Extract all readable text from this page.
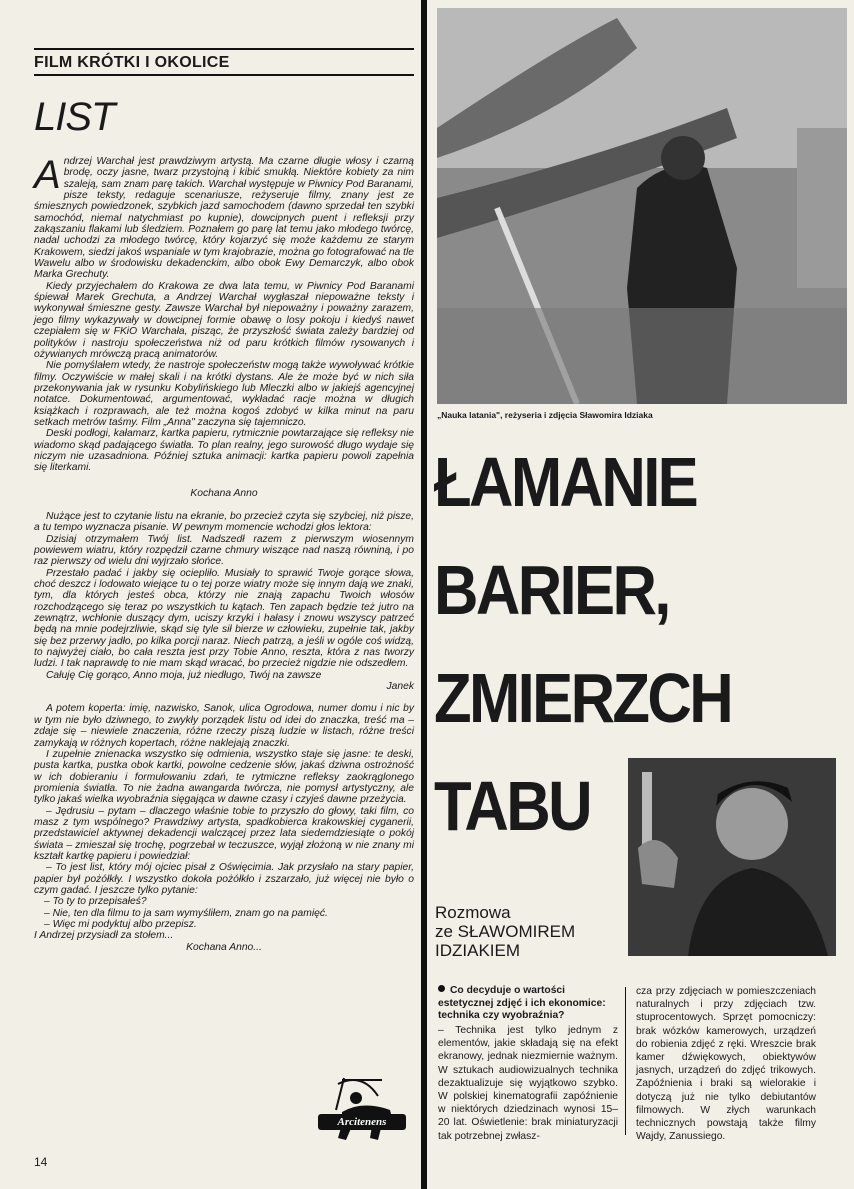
FILM KRÓTKI I OKOLICE
LIST

Andrzej Warchał jest prawdziwym artystą. Ma czarne długie włosy i czarną brodę, oczy jasne, twarz przystojną i kibić smukłą. Niektóre kobiety za nim szaleją, sam znam parę takich. Warchał występuje w Piwnicy Pod Baranami, pisze teksty, redaguje scenariusze, reżyseruje filmy, znany jest ze śmiesznych powiedzonek, szybkich jazd samochodem (dawno sprzedał ten szybki samochód, niemal natychmiast po kupnie), dowcipnych puent i refleksji przy zakąszaniu flakami lub śledziem. Poznałem go parę lat temu jako młodego twórcę, nadal uchodzi za młodego twórcę, który kojarzyć się może każdemu ze starym Krakowem, siedzi jakoś wspaniale w tym krajobrazie, można go fotografować na tle Wawelu albo w środowisku dekadenckim, albo obok Ewy Demarczyk, albo obok Marka Grechuty.

Kiedy przyjechałem do Krakowa ze dwa lata temu, w Piwnicy Pod Baranami śpiewał Marek Grechuta, a Andrzej Warchał wygłaszał niepoważne teksty i wykonywał śmieszne gesty. Zawsze Warchał był niepoważny i poważny zarazem, jego filmy wykazywały w dowcipnej formie obawę o losy pokoju i kiedyś nawet czepiałem się w FKiO Warchała, pisząc, że przyszłość świata zależy bardziej od polityków i nastroju społeczeństwa niż od paru krótkich filmów rysowanych i ożywianych mrówczą pracą animatorów.

Nie pomyślałem wtedy, że nastroje społeczeństw mogą także wywoływać krótkie filmy. Oczywiście w małej skali i na krótki dystans. Ale że może być w nich siła przekonywania jak w rysunku Kobylińskiego lub Mleczki albo w jakiejś agencyjnej notatce. Dokumentować, argumentować, wykładać racje można w długich książkach i rozprawach, ale też można kogoś zdobyć w kilka minut na paru setkach metrów taśmy. Film „Anna" zaczyna się tajemniczo.

Deski podłogi, kałamarz, kartka papieru, rytmicznie powtarzające się refleksy nie wiadomo skąd padającego światła. To plan realny, jego surowość długo wydaje się niczym nie uzasadniona. Później sztuka animacji: kartka papieru powoli zapełnia się literkami.

Kochana Anno

Nużące jest to czytanie listu na ekranie, bo przecież czyta się szybciej, niż pisze, a tu tempo wyznacza pisanie. W pewnym momencie wchodzi głos lektora:

Dzisiaj otrzymałem Twój list. Nadszedł razem z pierwszym wiosennym powiewem wiatru, który rozpędził czarne chmury wiszące nad naszą równiną, i po raz pierwszy od wielu dni wyjrzało słońce.

Przestało padać i jakby się ociepliło. Musiały to sprawić Twoje gorące słowa, choć deszcz i lodowato wiejące tu o tej porze wiatry może się innym dają we znaki, tym, dla których jesteś obca, którzy nie znają zapachu Twoich włosów rozchodzącego się teraz po wszystkich tu kątach. Ten zapach będzie też jutro na zewnątrz, wchłonie duszący dym, uciszy krzyki i hałasy i znowu wszyscy patrzeć będą na mnie podejrzliwie, skąd się tyle sił bierze w człowieku, zupełnie tak, jakby się bez przerwy jadło, po kilka porcji naraz. Niech patrzą, a jeśli w ogóle coś widzą, to najwyżej ciało, bo cała reszta jest przy Tobie Anno, reszta, która z nas tworzy ludzi. I tak naprawdę to nie mam skąd wracać, bo przecież nigdzie nie odszedłem.

Całuję Cię gorąco, Anno moja, już niedługo, Twój na zawsze

Janek

A potem koperta: imię, nazwisko, Sanok, ulica Ogrodowa, numer domu i nic by w tym nie było dziwnego, to zwykły porządek listu od idei do znaczka, treść ma – zdaje się – niewiele znaczenia, różne rzeczy piszą ludzie w listach, różne treści zamykają w różnych kopertach, różne naklejają znaczki.

I zupełnie znienacka wszystko się odmienia, wszystko staje się jasne: te deski, pusta kartka, pustka obok kartki, powolne cedzenie słów, jakaś dziwna ostrożność w ich dobieraniu i formułowaniu zdań, te rytmiczne refleksy zaokrąglonego promienia światła. To nie żadna awangarda twórcza, nie pomysł artystyczny, ale tylko jakaś wielka wyobraźnia sięgająca w dawne czasy i czyjeś dawne przeżycia.

– Jędrusiu – pytam – dlaczego właśnie tobie to przyszło do głowy, taki film, co masz z tym wspólnego? Prawdziwy artysta, spadkobierca krakowskiej cyganerii, przedstawiciel aktywnej dekadencji walczącej przez lata siedemdziesiąte o pokój świata – zmieszał się trochę, pogrzebał w teczuszce, wyjął złożoną w nie znany mi kształt kartkę papieru i powiedział:

– To jest list, który mój ojciec pisał z Oświęcimia. Jak przysłało na stary papier, papier był pożółkły. I wszystko dokoła pożółkło i zszarzało, już więcej nie było o czym gadać. I jeszcze tylko pytanie:

– To ty to przepisałeś?

– Nie, ten dla filmu to ja sam wymyśliłem, znam go na pamięć.

– Więc mi podyktuj albo przepisz.

I Andrzej przysiadł za stołem...

Kochana Anno...

Arcitenens
14
„Nauka latania", reżyseria i zdjęcia Sławomira Idziaka
ŁAMANIE
BARIER,
ZMIERZCH
TABU
Rozmowa
ze SŁAWOMIREM
IDZIAKIEM
Co decyduje o wartości estetycznej zdjęć i ich ekonomice: technika czy wyobraźnia?

– Technika jest tylko jednym z elementów, jakie składają się na efekt ekranowy, jednak niezmiernie ważnym. W sztukach audiowizualnych technika dezaktualizuje się wyjątkowo szybko. W polskiej kinematografii zapóźnienie w niektórych dziedzinach wynosi 15–20 lat. Oświetlenie: brak miniaturyzacji tak potrzebnej zwłasz-

cza przy zdjęciach w pomieszczeniach naturalnych i przy zdjęciach tzw. stuprocentowych. Sprzęt pomocniczy: brak wózków kamerowych, urządzeń do robienia zdjęć z ręki. Wreszcie brak kamer dźwiękowych, obiektywów jasnych, urządzeń do zdjęć trikowych. Zapóźnienia i braki są wielorakie i dotyczą już nie tylko debiutantów filmowych. W złych warunkach technicznych powstają także filmy Wajdy, Zanussiego.
